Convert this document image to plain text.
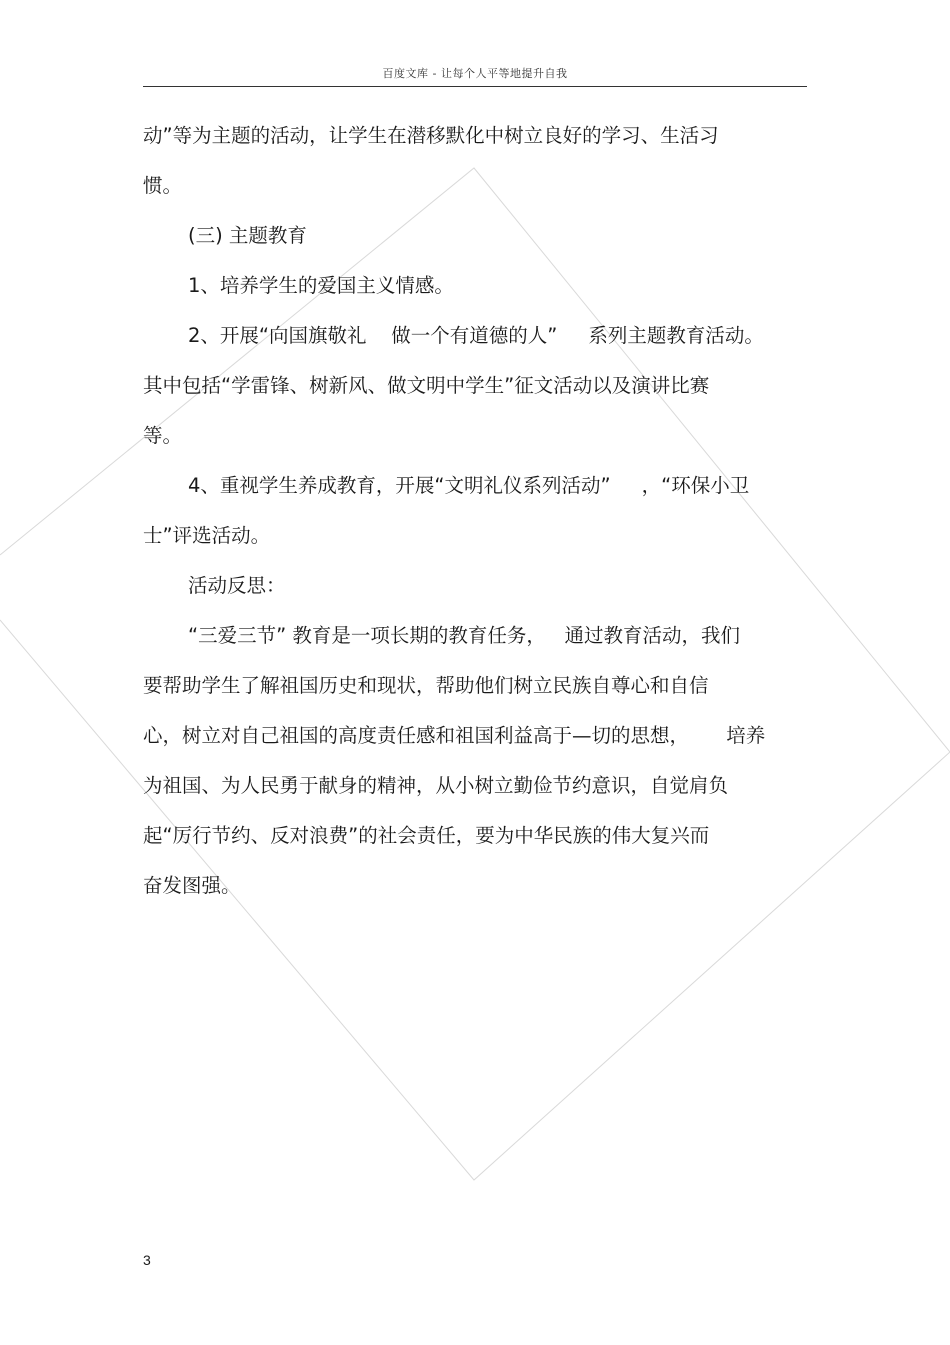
百度文库 - 让每个人平等地提升自我
动”等为主题的活动，让学生在潜移默化中树立良好的学习、生活习
惯。
(三) 主题教育
1、培养学生的爱国主义情感。
2、开展“向国旗敬礼    做一个有道德的人”     系列主题教育活动。
其中包括“学雷锋、树新风、做文明中学生”征文活动以及演讲比赛
等。
4、重视学生养成教育，开展“文明礼仪系列活动”     ，“环保小卫
士”评选活动。
活动反思：
“三爱三节” 教育是一项长期的教育任务，   通过教育活动，我们
要帮助学生了解祖国历史和现状，帮助他们树立民族自尊心和自信
心，树立对自己祖国的高度责任感和祖国利益高于—切的思想，      培养
为祖国、为人民勇于献身的精神，从小树立勤俭节约意识，自觉肩负
起“厉行节约、反对浪费”的社会责任，要为中华民族的伟大复兴而
奋发图强。
3
